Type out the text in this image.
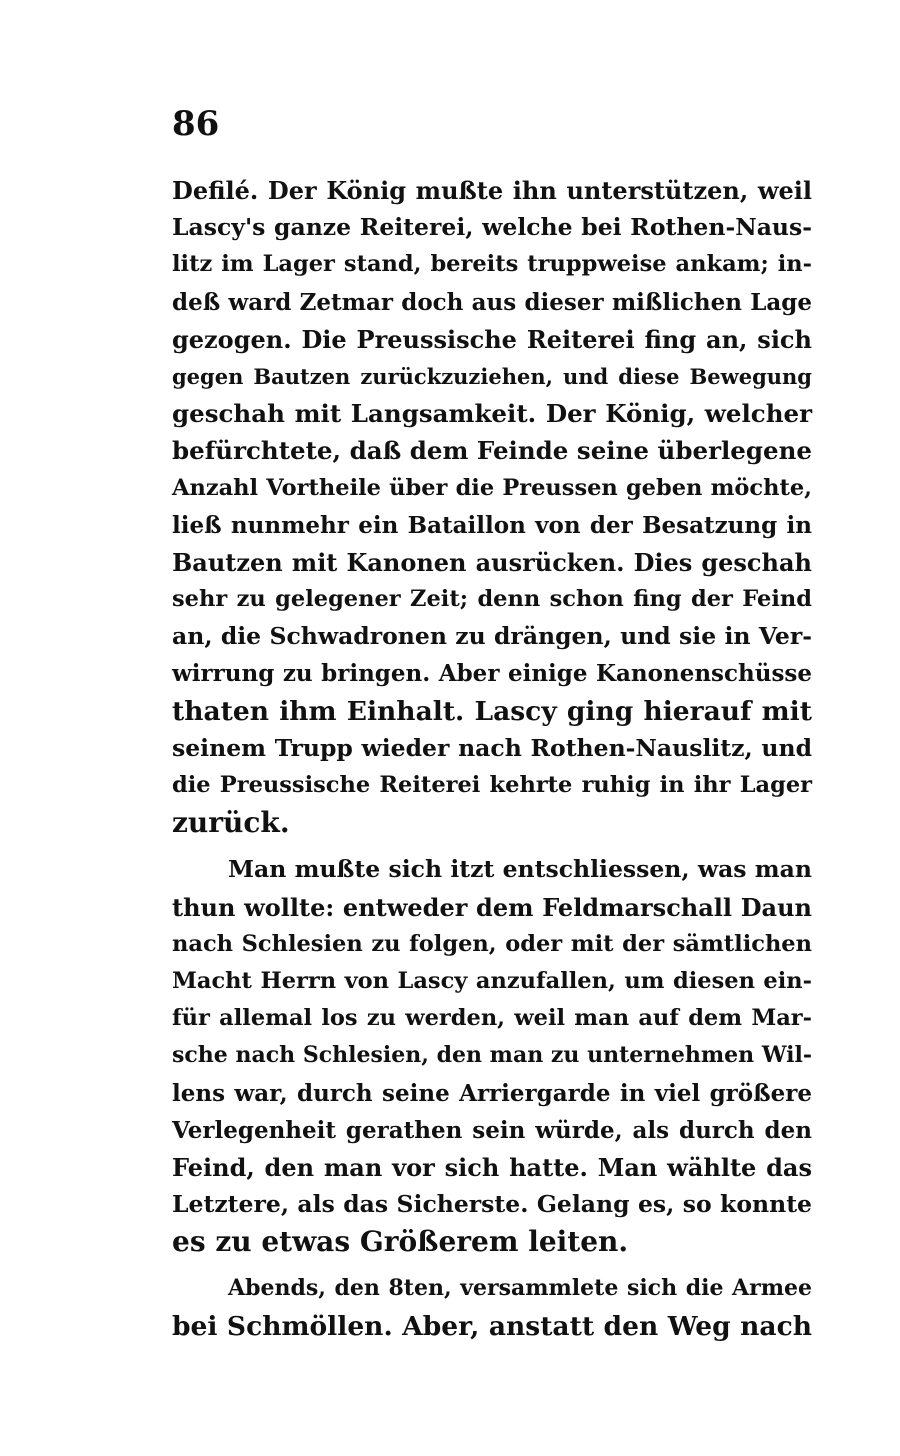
86
Defilé. Der König mußte ihn unterstützen, weil
Lascy's ganze Reiterei, welche bei Rothen-Naus-
litz im Lager stand, bereits truppweise ankam; in-
deß ward Zetmar doch aus dieser mißlichen Lage
gezogen. Die Preussische Reiterei fing an, sich
gegen Bautzen zurückzuziehen, und diese Bewegung
geschah mit Langsamkeit. Der König, welcher
befürchtete, daß dem Feinde seine überlegene
Anzahl Vortheile über die Preussen geben möchte,
ließ nunmehr ein Bataillon von der Besatzung in
Bautzen mit Kanonen ausrücken. Dies geschah
sehr zu gelegener Zeit; denn schon fing der Feind
an, die Schwadronen zu drängen, und sie in Ver-
wirrung zu bringen. Aber einige Kanonenschüsse
thaten ihm Einhalt. Lascy ging hierauf mit
seinem Trupp wieder nach Rothen-Nauslitz, und
die Preussische Reiterei kehrte ruhig in ihr Lager
zurück.
Man mußte sich itzt entschliessen, was man
thun wollte: entweder dem Feldmarschall Daun
nach Schlesien zu folgen, oder mit der sämtlichen
Macht Herrn von Lascy anzufallen, um diesen ein-
für allemal los zu werden, weil man auf dem Mar-
sche nach Schlesien, den man zu unternehmen Wil-
lens war, durch seine Arriergarde in viel größere
Verlegenheit gerathen sein würde, als durch den
Feind, den man vor sich hatte. Man wählte das
Letztere, als das Sicherste. Gelang es, so konnte
es zu etwas Größerem leiten.
Abends, den 8ten, versammlete sich die Armee
bei Schmöllen. Aber, anstatt den Weg nach
